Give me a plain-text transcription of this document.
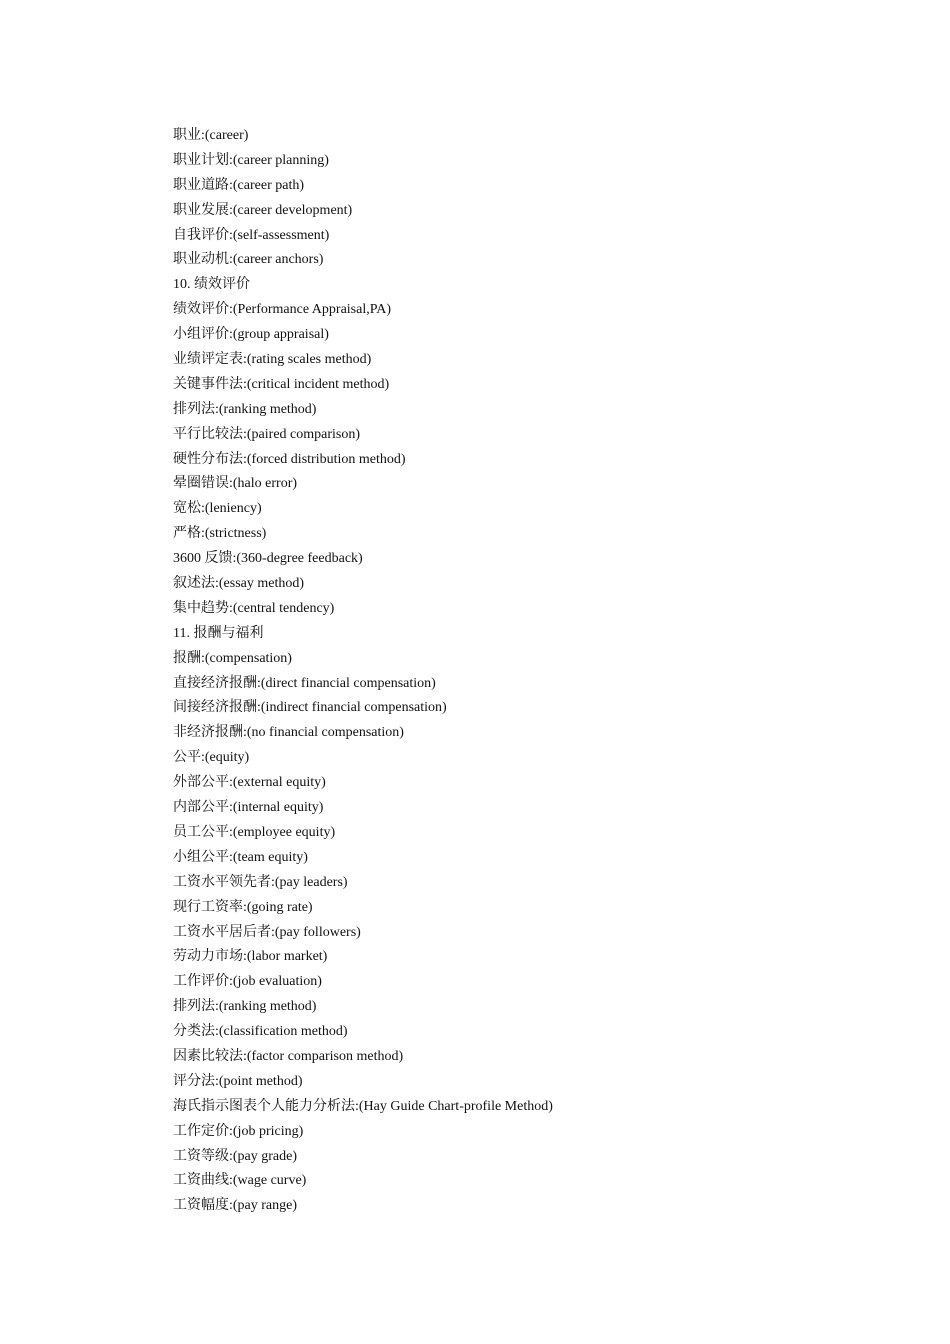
职业:(career)
职业计划:(career planning)
职业道路:(career path)
职业发展:(career development)
自我评价:(self-assessment)
职业动机:(career anchors)
10. 绩效评价
绩效评价:(Performance Appraisal,PA)
小组评价:(group appraisal)
业绩评定表:(rating scales method)
关键事件法:(critical incident method)
排列法:(ranking method)
平行比较法:(paired comparison)
硬性分布法:(forced distribution method)
晕圈错误:(halo error)
宽松:(leniency)
严格:(strictness)
3600 反馈:(360-degree feedback)
叙述法:(essay method)
集中趋势:(central tendency)
11. 报酬与福利
报酬:(compensation)
直接经济报酬:(direct financial compensation)
间接经济报酬:(indirect financial compensation)
非经济报酬:(no financial compensation)
公平:(equity)
外部公平:(external equity)
内部公平:(internal equity)
员工公平:(employee equity)
小组公平:(team equity)
工资水平领先者:(pay leaders)
现行工资率:(going rate)
工资水平居后者:(pay followers)
劳动力市场:(labor market)
工作评价:(job evaluation)
排列法:(ranking method)
分类法:(classification method)
因素比较法:(factor comparison method)
评分法:(point method)
海氏指示图表个人能力分析法:(Hay Guide Chart-profile Method)
工作定价:(job pricing)
工资等级:(pay grade)
工资曲线:(wage curve)
工资幅度:(pay range)
